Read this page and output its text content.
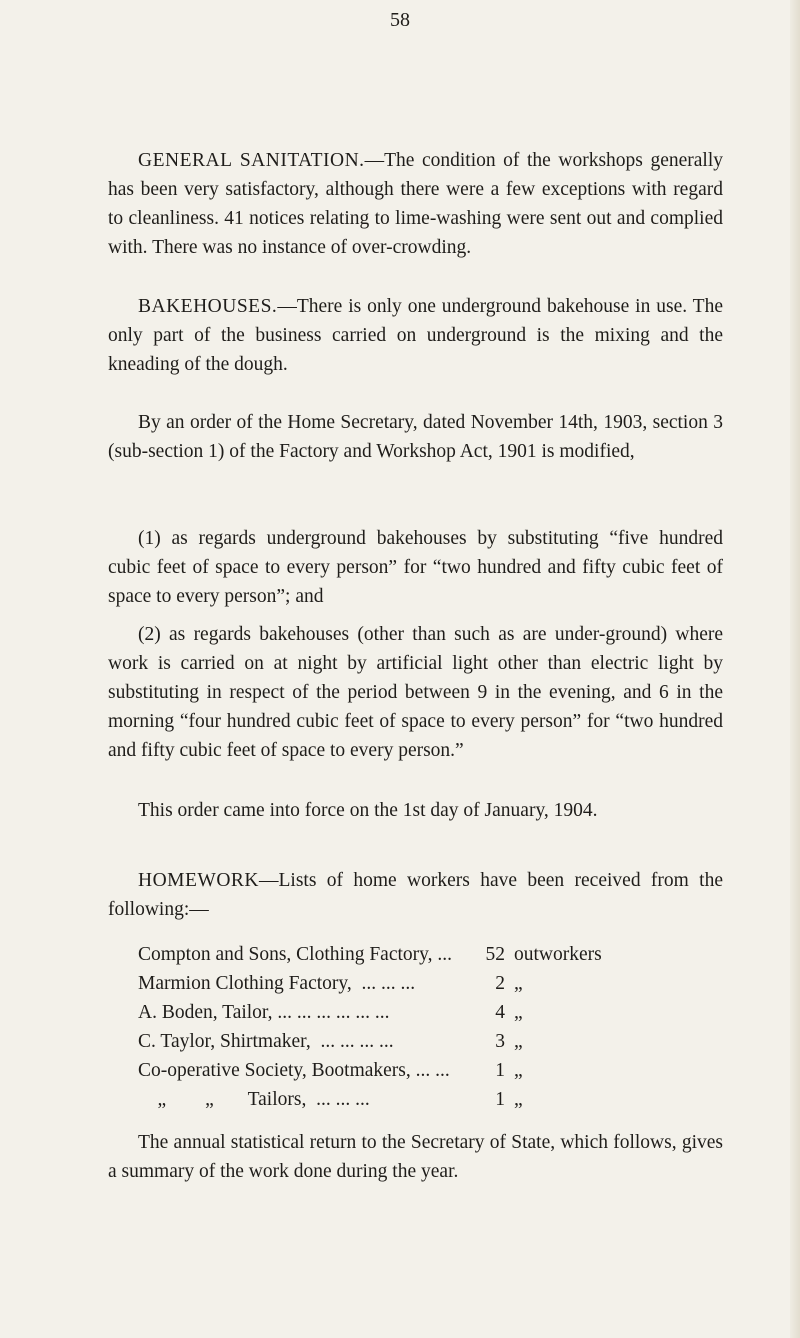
58

GENERAL SANITATION.—The condition of the workshops generally has been very satisfactory, although there were a few exceptions with regard to cleanliness. 41 notices relating to lime-washing were sent out and complied with. There was no instance of over-crowding.

BAKEHOUSES.—There is only one underground bakehouse in use. The only part of the business carried on underground is the mixing and the kneading of the dough.

By an order of the Home Secretary, dated November 14th, 1903, section 3 (sub-section 1) of the Factory and Workshop Act, 1901 is modified,

(1) as regards underground bakehouses by substituting “five hundred cubic feet of space to every person” for “two hundred and fifty cubic feet of space to every person”; and

(2) as regards bakehouses (other than such as are under-ground) where work is carried on at night by artificial light other than electric light by substituting in respect of the period between 9 in the evening, and 6 in the morning “four hundred cubic feet of space to every person” for “two hundred and fifty cubic feet of space to every person.”

This order came into force on the 1st day of January, 1904.

HOMEWORK—Lists of home workers have been received from the following:—

Compton and Sons, Clothing Factory, ...	52 outworkers
Marmion Clothing Factory,  ... ... ...	2 „
A. Boden, Tailor, ... ... ... ... ... ...	4 „
C. Taylor, Shirtmaker,  ... ... ... ...	3 „
Co-operative Society, Bootmakers, ... ...	1 „
„        „       Tailors,  ... ... ...	1 „

The annual statistical return to the Secretary of State, which follows, gives a summary of the work done during the year.
